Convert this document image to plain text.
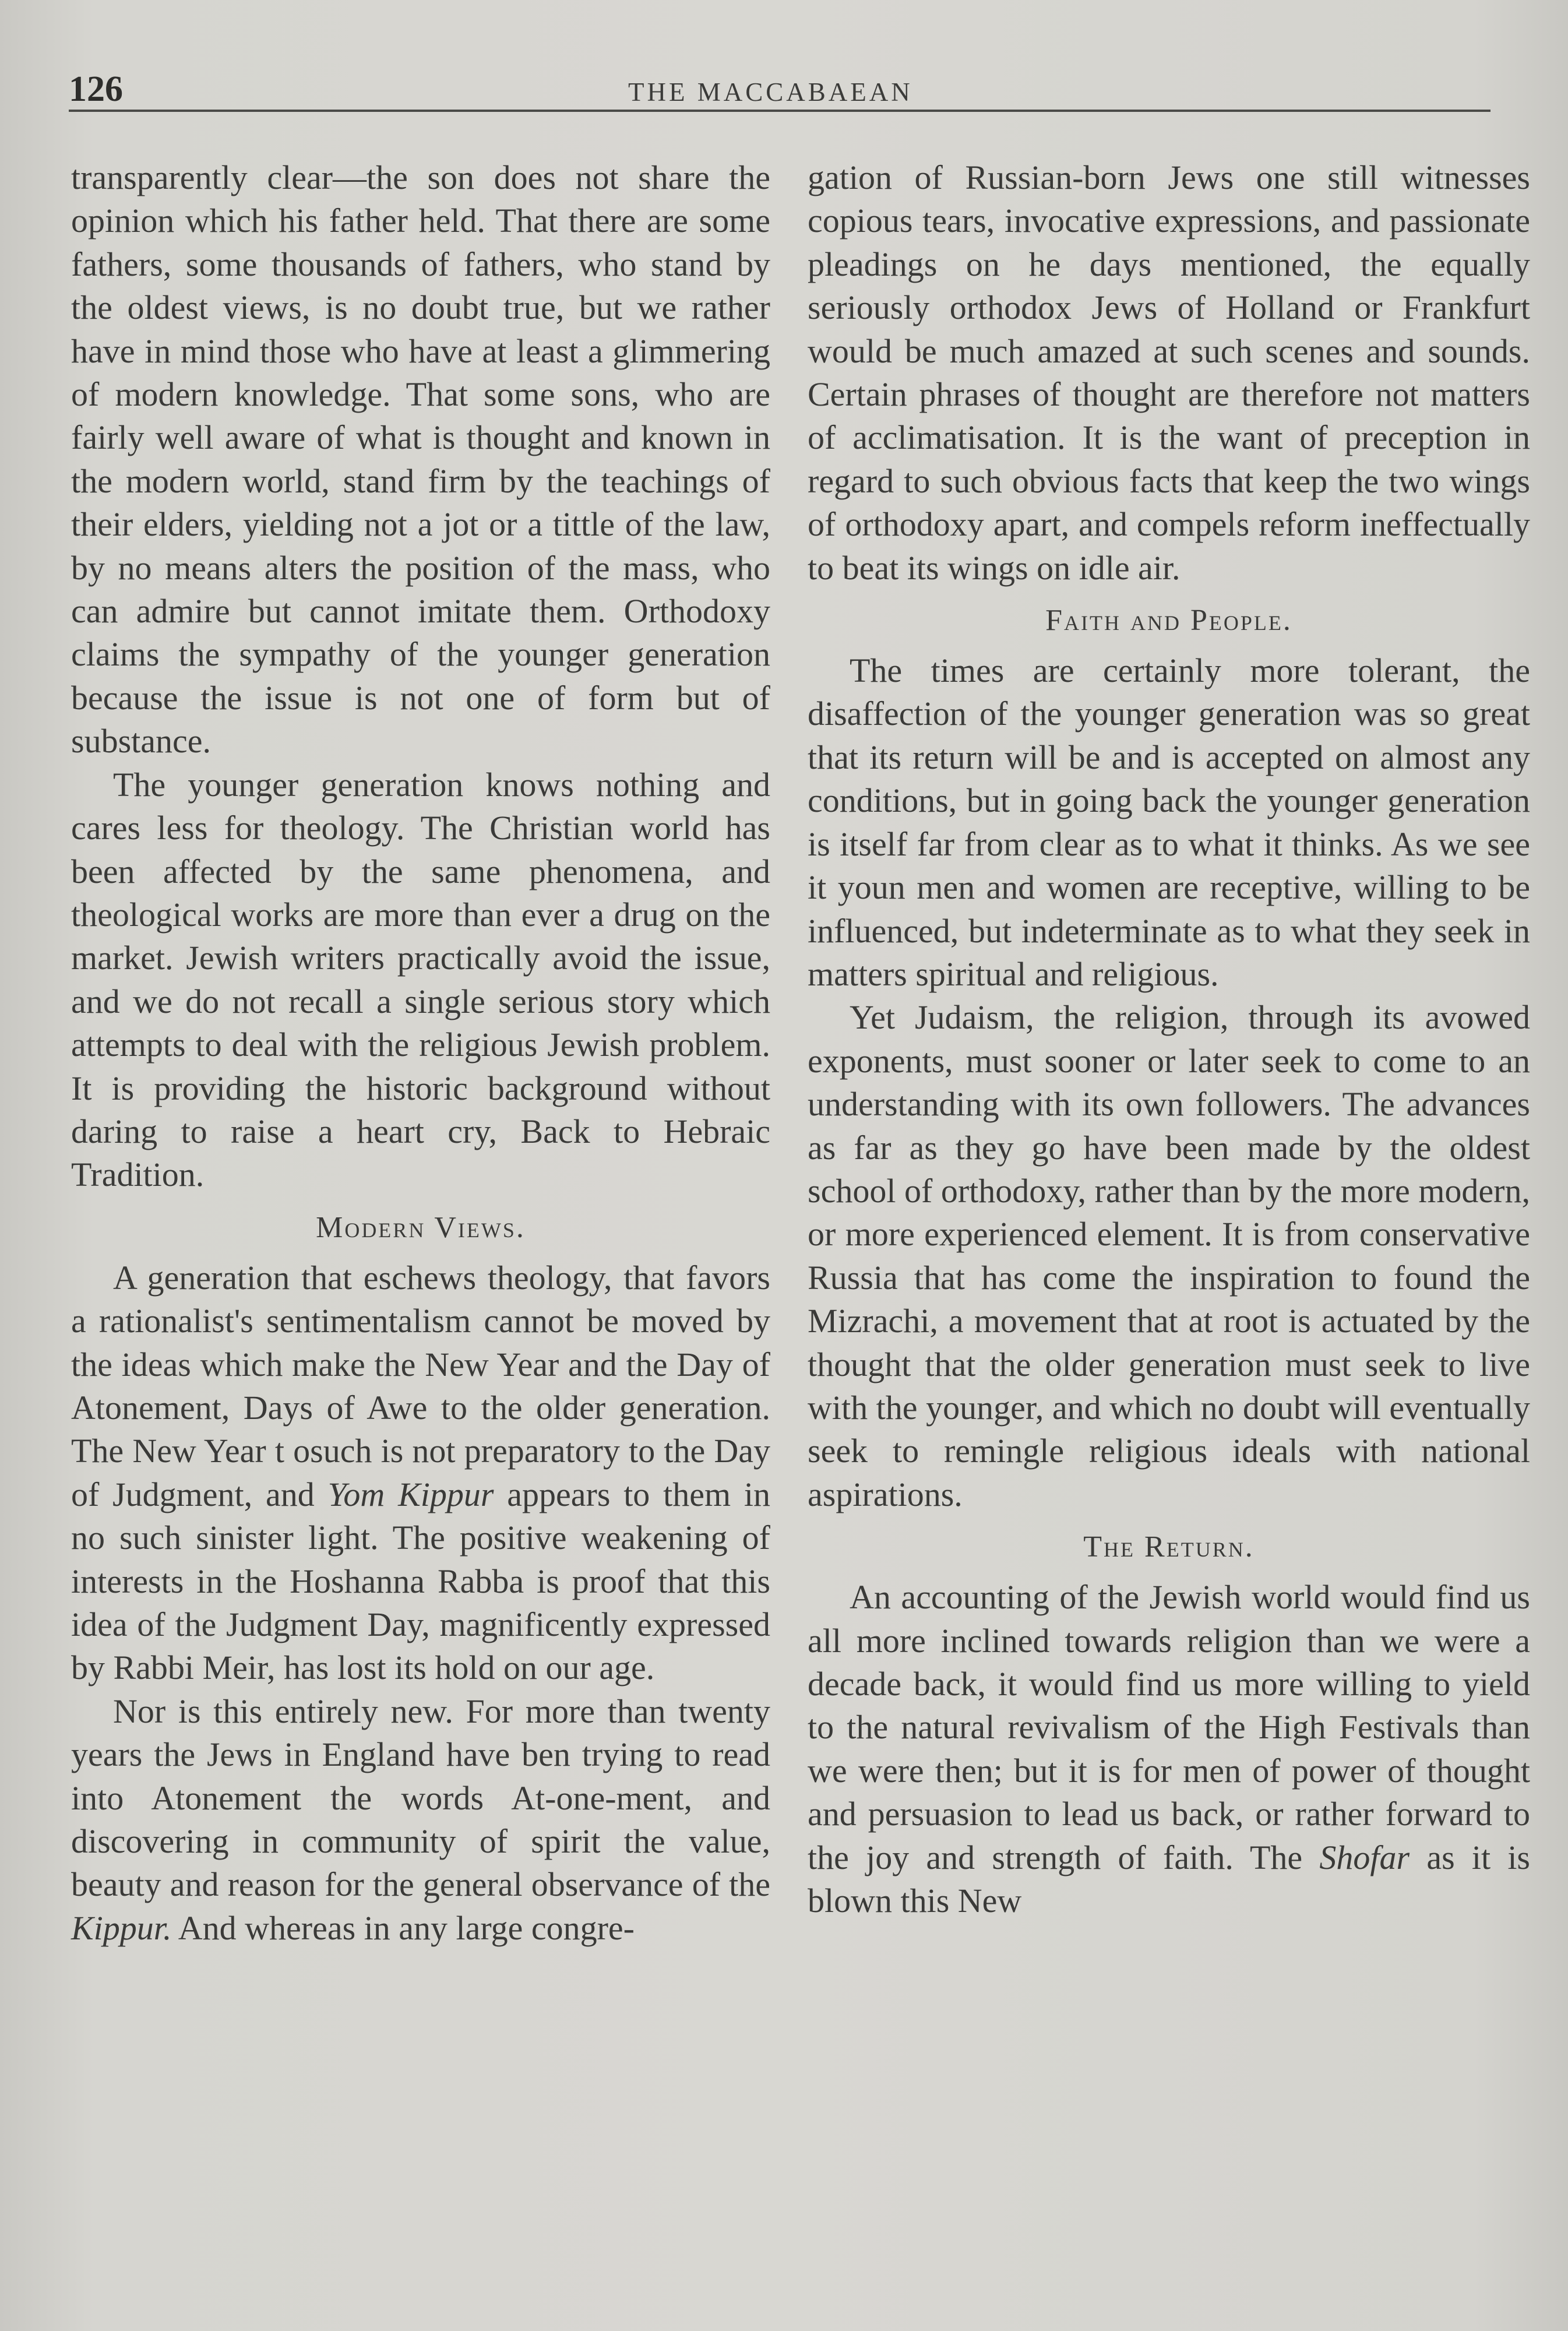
126	THE MACCABAEAN

transparently clear—the son does not share the opinion which his father held. That there are some fathers, some thousands of fathers, who stand by the oldest views, is no doubt true, but we rather have in mind those who have at least a glimmering of modern knowledge. That some sons, who are fairly well aware of what is thought and known in the modern world, stand firm by the teachings of their elders, yielding not a jot or a tittle of the law, by no means alters the position of the mass, who can admire but cannot imitate them. Orthodoxy claims the sympathy of the younger generation because the issue is not one of form but of substance.

The younger generation knows nothing and cares less for theology. The Christian world has been affected by the same phenomena, and theological works are more than ever a drug on the market. Jewish writers practically avoid the issue, and we do not recall a single serious story which attempts to deal with the religious Jewish problem. It is providing the historic background without daring to raise a heart cry, Back to Hebraic Tradition.

Modern Views.

A generation that eschews theology, that favors a rationalist's sentimentalism cannot be moved by the ideas which make the New Year and the Day of Atonement, Days of Awe to the older generation. The New Year t osuch is not preparatory to the Day of Judgment, and Yom Kippur appears to them in no such sinister light. The positive weakening of interests in the Hoshanna Rabba is proof that this idea of the Judgment Day, magnificently expressed by Rabbi Meir, has lost its hold on our age.

Nor is this entirely new. For more than twenty years the Jews in England have ben trying to read into Atonement the words At-one-ment, and discovering in community of spirit the value, beauty and reason for the general observance of the Kippur. And whereas in any large congre-

gation of Russian-born Jews one still witnesses copious tears, invocative expressions, and passionate pleadings on he days mentioned, the equally seriously orthodox Jews of Holland or Frankfurt would be much amazed at such scenes and sounds. Certain phrases of thought are therefore not matters of acclimatisation. It is the want of preception in regard to such obvious facts that keep the two wings of orthodoxy apart, and compels reform ineffectually to beat its wings on idle air.

Faith and People.

The times are certainly more tolerant, the disaffection of the younger generation was so great that its return will be and is accepted on almost any conditions, but in going back the younger generation is itself far from clear as to what it thinks. As we see it youn men and women are receptive, willing to be influenced, but indeterminate as to what they seek in matters spiritual and religious.

Yet Judaism, the religion, through its avowed exponents, must sooner or later seek to come to an understanding with its own followers. The advances as far as they go have been made by the oldest school of orthodoxy, rather than by the more modern, or more experienced element. It is from conservative Russia that has come the inspiration to found the Mizrachi, a movement that at root is actuated by the thought that the older generation must seek to live with the younger, and which no doubt will eventually seek to remingle religious ideals with national aspirations.

The Return.

An accounting of the Jewish world would find us all more inclined towards religion than we were a decade back, it would find us more willing to yield to the natural revivalism of the High Festivals than we were then; but it is for men of power of thought and persuasion to lead us back, or rather forward to the joy and strength of faith. The Shofar as it is blown this New
